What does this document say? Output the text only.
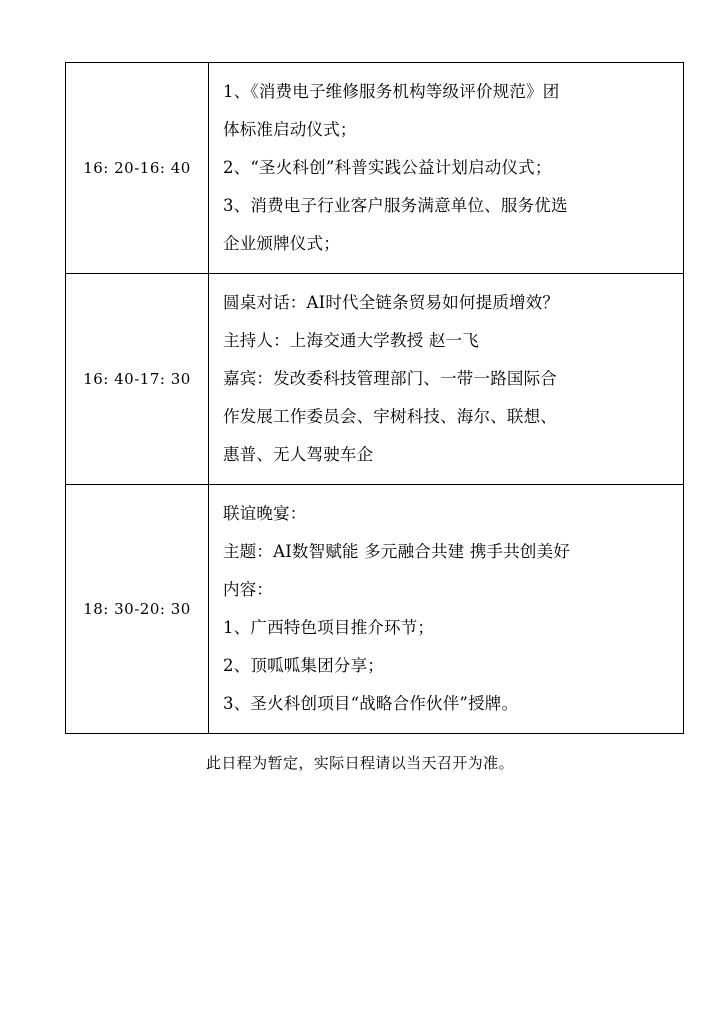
16: 20-16: 40	1、《消费电子维修服务机构等级评价规范》团
体标准启动仪式；
2、“圣火科创”科普实践公益计划启动仪式；
3、消费电子行业客户服务满意单位、服务优选
企业颁牌仪式；

16: 40-17: 30	圆桌对话：AI时代全链条贸易如何提质增效？
主持人：上海交通大学教授 赵一飞
嘉宾：发改委科技管理部门、一带一路国际合
作发展工作委员会、宇树科技、海尔、联想、
惠普、无人驾驶车企

18: 30-20: 30	
联谊晚宴：
主题：AI数智赋能 多元融合共建 携手共创美好
内容：
1、广西特色项目推介环节；
2、顶呱呱集团分享；
3、圣火科创项目“战略合作伙伴”授牌。
此日程为暂定，实际日程请以当天召开为准。
